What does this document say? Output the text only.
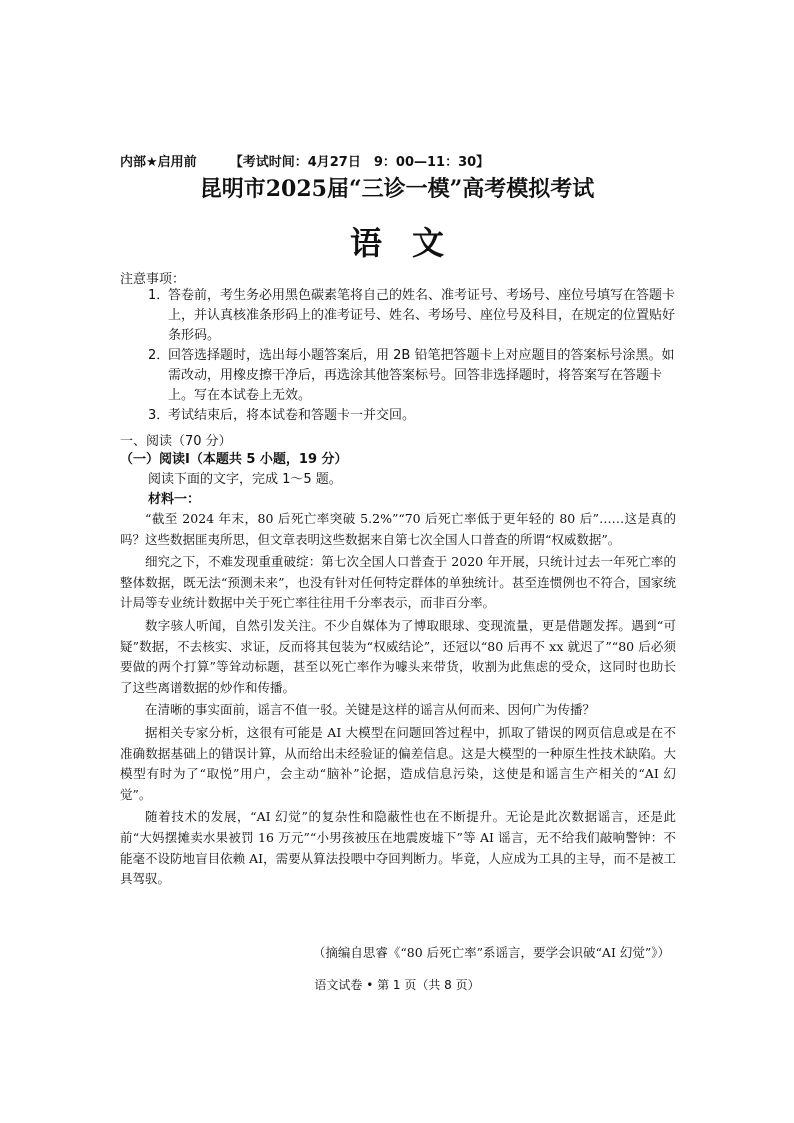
内部★启用前	【考试时间：4月27日　9：00—11：30】
昆明市2025届“三诊一模”高考模拟考试
语文
注意事项：
1．
答卷前，考生务必用黑色碳素笔将自己的姓名、准考证号、考场号、座位号填写在答题卡上，并认真核准条形码上的准考证号、姓名、考场号、座位号及科目，在规定的位置贴好条形码。
2．
回答选择题时，选出每小题答案后，用 2B 铅笔把答题卡上对应题目的答案标号涂黑。如需改动，用橡皮擦干净后，再选涂其他答案标号。回答非选择题时，将答案写在答题卡上。写在本试卷上无效。
3．
考试结束后，将本试卷和答题卡一并交回。
一、阅读（70 分）
（一）阅读Ⅰ（本题共 5 小题，19 分）
阅读下面的文字，完成 1～5 题。
材料一：

“截至 2024 年末，80 后死亡率突破 5.2%”“70 后死亡率低于更年轻的 80 后”……这是真的吗？这些数据匪夷所思，但文章表明这些数据来自第七次全国人口普查的所谓“权威数据”。

细究之下，不难发现重重破绽：第七次全国人口普查于 2020 年开展，只统计过去一年死亡率的整体数据，既无法“预测未来”，也没有针对任何特定群体的单独统计。甚至连惯例也不符合，国家统计局等专业统计数据中关于死亡率往往用千分率表示，而非百分率。

数字骇人听闻，自然引发关注。不少自媒体为了博取眼球、变现流量，更是借题发挥。遇到“可疑”数据，不去核实、求证，反而将其包装为“权威结论”，还冠以“80 后再不 xx 就迟了”“80 后必须要做的两个打算”等耸动标题，甚至以死亡率作为噱头来带货，收割为此焦虑的受众，这同时也助长了这些离谱数据的炒作和传播。

在清晰的事实面前，谣言不值一驳。关键是这样的谣言从何而来、因何广为传播？

据相关专家分析，这很有可能是 AI 大模型在问题回答过程中，抓取了错误的网页信息或是在不准确数据基础上的错误计算，从而给出未经验证的偏差信息。这是大模型的一种原生性技术缺陷。大模型有时为了“取悦”用户，会主动“脑补”论据，造成信息污染，这使是和谣言生产相关的“AI 幻觉”。

随着技术的发展，“AI 幻觉”的复杂性和隐蔽性也在不断提升。无论是此次数据谣言，还是此前“大妈摆摊卖水果被罚 16 万元”“小男孩被压在地震废墟下”等 AI 谣言，无不给我们敲响警钟：不能毫不设防地盲目依赖 AI，需要从算法投喂中夺回判断力。毕竟，人应成为工具的主导，而不是被工具驾驭。

（摘编自思睿《“80 后死亡率”系谣言，要学会识破“AI 幻觉”》）
语文试卷 • 第 1 页（共 8 页）
